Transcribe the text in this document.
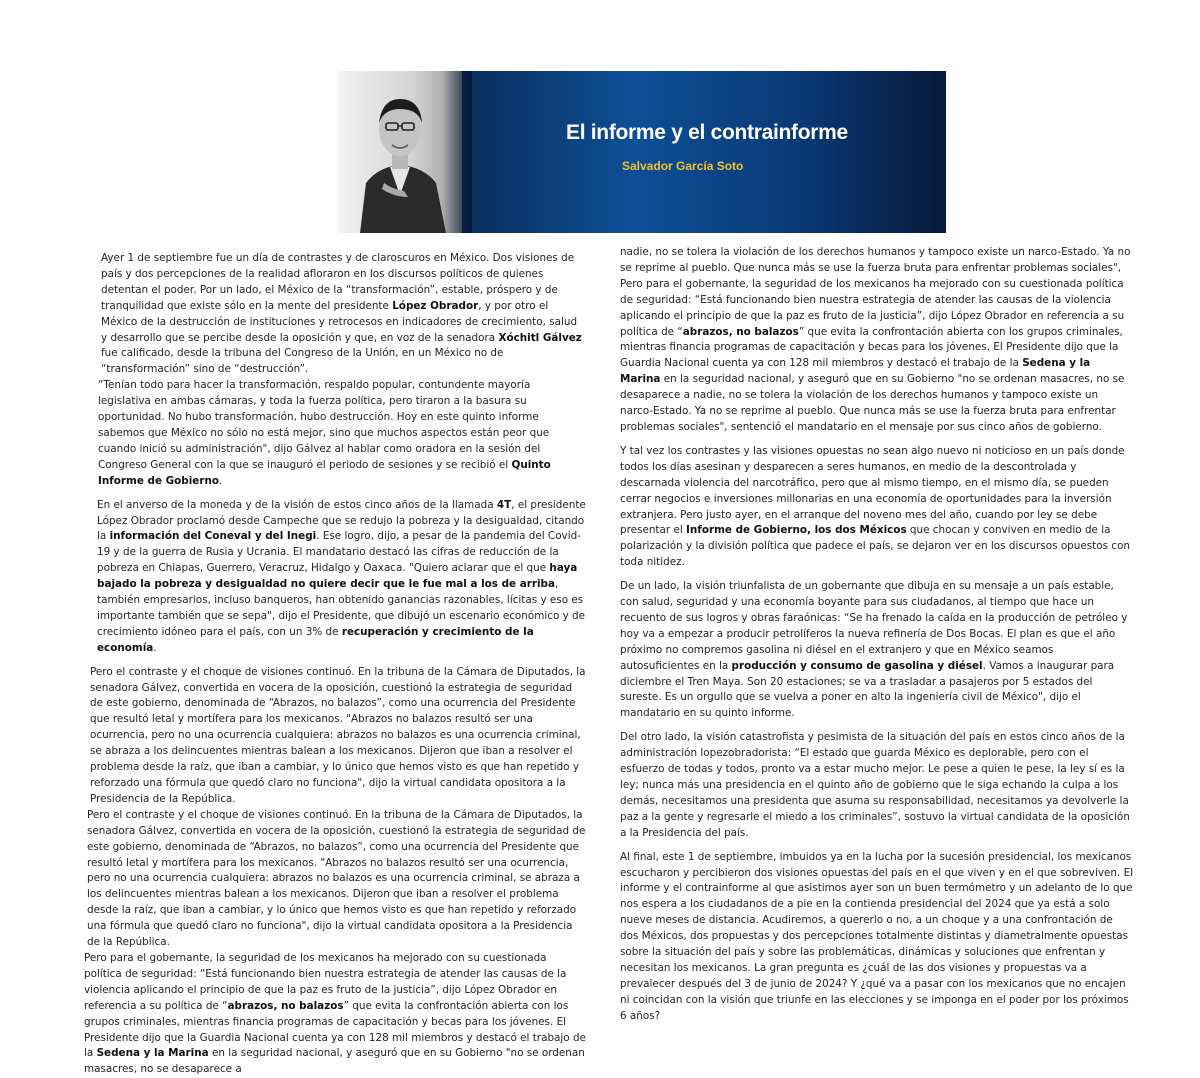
El informe y el contrainforme
Salvador García Soto

Ayer 1 de septiembre fue un día de contrastes y de claroscuros en México. Dos visiones de país y dos percepciones de la realidad afloraron en los discursos políticos de quienes detentan el poder. Por un lado, el México de la “transformación”, estable, próspero y de tranquilidad que existe sólo en la mente del presidente López Obrador, y por otro el México de la destrucción de instituciones y retrocesos en indicadores de crecimiento, salud y desarrollo que se percibe desde la oposición y que, en voz de la senadora Xóchitl Gálvez fue calificado, desde la tribuna del Congreso de la Unión, en un México no de “transformación” sino de “destrucción”.

“Tenían todo para hacer la transformación, respaldo popular, contundente mayoría legislativa en ambas cámaras, y toda la fuerza política, pero tiraron a la basura su oportunidad. No hubo transformación, hubo destrucción. Hoy en este quinto informe sabemos que México no sólo no está mejor, sino que muchos aspectos están peor que cuando inició su administración", dijo Gálvez al hablar como oradora en la sesión del Congreso General con la que se inauguró el periodo de sesiones y se recibió el Quinto Informe de Gobierno.

En el anverso de la moneda y de la visión de estos cinco años de la llamada 4T, el presidente López Obrador proclamó desde Campeche que se redujo la pobreza y la desigualdad, citando la información del Coneval y del Inegi. Ese logro, dijo, a pesar de la pandemia del Covid-19 y de la guerra de Rusia y Ucrania. El mandatario destacó las cifras de reducción de la pobreza en Chiapas, Guerrero, Veracruz, Hidalgo y Oaxaca. "Quiero aclarar que el que haya bajado la pobreza y desigualdad no quiere decir que le fue mal a los de arriba, también empresarios, incluso banqueros, han obtenido ganancias razonables, lícitas y eso es importante también que se sepa", dijo el Presidente, que dibujó un escenario económico y de crecimiento idóneo para el país, con un 3% de recuperación y crecimiento de la economía.

Pero el contraste y el choque de visiones continuó. En la tribuna de la Cámara de Diputados, la senadora Gálvez, convertida en vocera de la oposición, cuestionó la estrategia de seguridad de este gobierno, denominada de “Abrazos, no balazos”, como una ocurrencia del Presidente que resultó letal y mortífera para los mexicanos. "Abrazos no balazos resultó ser una ocurrencia, pero no una ocurrencia cualquiera: abrazos no balazos es una ocurrencia criminal, se abraza a los delincuentes mientras balean a los mexicanos. Dijeron que iban a resolver el problema desde la raíz, que iban a cambiar, y lo único que hemos visto es que han repetido y reforzado una fórmula que quedó claro no funciona", dijo la virtual candidata opositora a la Presidencia de la República.

Pero el contraste y el choque de visiones continuó. En la tribuna de la Cámara de Diputados, la senadora Gálvez, convertida en vocera de la oposición, cuestionó la estrategia de seguridad de este gobierno, denominada de “Abrazos, no balazos”, como una ocurrencia del Presidente que resultó letal y mortífera para los mexicanos. "Abrazos no balazos resultó ser una ocurrencia, pero no una ocurrencia cualquiera: abrazos no balazos es una ocurrencia criminal, se abraza a los delincuentes mientras balean a los mexicanos. Dijeron que iban a resolver el problema desde la raíz, que iban a cambiar, y lo único que hemos visto es que han repetido y reforzado una fórmula que quedó claro no funciona", dijo la virtual candidata opositora a la Presidencia de la República.

Pero para el gobernante, la seguridad de los mexicanos ha mejorado con su cuestionada política de seguridad: “Está funcionando bien nuestra estrategia de atender las causas de la violencia aplicando el principio de que la paz es fruto de la justicia”, dijo López Obrador en referencia a su política de “abrazos, no balazos” que evita la confrontación abierta con los grupos criminales, mientras financia programas de capacitación y becas para los jóvenes. El Presidente dijo que la Guardia Nacional cuenta ya con 128 mil miembros y destacó el trabajo de la Sedena y la Marina en la seguridad nacional, y aseguró que en su Gobierno "no se ordenan masacres, no se desaparece a

nadie, no se tolera la violación de los derechos humanos y tampoco existe un narco-Estado. Ya no se reprime al pueblo. Que nunca más se use la fuerza bruta para enfrentar problemas sociales",

Pero para el gobernante, la seguridad de los mexicanos ha mejorado con su cuestionada política de seguridad: “Está funcionando bien nuestra estrategia de atender las causas de la violencia aplicando el principio de que la paz es fruto de la justicia”, dijo López Obrador en referencia a su política de “abrazos, no balazos” que evita la confrontación abierta con los grupos criminales, mientras financia programas de capacitación y becas para los jóvenes. El Presidente dijo que la Guardia Nacional cuenta ya con 128 mil miembros y destacó el trabajo de la Sedena y la Marina en la seguridad nacional, y aseguró que en su Gobierno "no se ordenan masacres, no se desaparece a nadie, no se tolera la violación de los derechos humanos y tampoco existe un narco-Estado. Ya no se reprime al pueblo. Que nunca más se use la fuerza bruta para enfrentar problemas sociales", sentenció el mandatario en el mensaje por sus cinco años de gobierno.

Y tal vez los contrastes y las visiones opuestas no sean algo nuevo ni noticioso en un país donde todos los días asesinan y desparecen a seres humanos, en medio de la descontrolada y descarnada violencia del narcotráfico, pero que al mismo tiempo, en el mismo día, se pueden cerrar negocios e inversiones millonarias en una economía de oportunidades para la inversión extranjera. Pero justo ayer, en el arranque del noveno mes del año, cuando por ley se debe presentar el Informe de Gobierno, los dos Méxicos que chocan y conviven en medio de la polarización y la división política que padece el país, se dejaron ver en los discursos opuestos con toda nitidez.

De un lado, la visión triunfalista de un gobernante que dibuja en su mensaje a un país estable, con salud, seguridad y una economía boyante para sus ciudadanos, al tiempo que hace un recuento de sus logros y obras faraónicas: “Se ha frenado la caída en la producción de petróleo y hoy va a empezar a producir petrolíferos la nueva refinería de Dos Bocas. El plan es que el año próximo no compremos gasolina ni diésel en el extranjero y que en México seamos autosuficientes en la producción y consumo de gasolina y diésel. Vamos a inaugurar para diciembre el Tren Maya. Son 20 estaciones; se va a trasladar a pasajeros por 5 estados del sureste. Es un orgullo que se vuelva a poner en alto la ingeniería civil de México", dijo el mandatario en su quinto informe.

Del otro lado, la visión catastrofista y pesimista de la situación del país en estos cinco años de la administración lopezobradorista: “El estado que guarda México es deplorable, pero con el esfuerzo de todas y todos, pronto va a estar mucho mejor. Le pese a quien le pese, la ley sí es la ley; nunca más una presidencia en el quinto año de gobierno que le siga echando la culpa a los demás, necesitamos una presidenta que asuma su responsabilidad, necesitamos ya devolverle la paz a la gente y regresarle el miedo a los criminales”, sostuvo la virtual candidata de la oposición a la Presidencia del país.

Al final, este 1 de septiembre, imbuidos ya en la lucha por la sucesión presidencial, los mexicanos escucharon y percibieron dos visiones opuestas del país en el que viven y en el que sobreviven. El informe y el contrainforme al que asistimos ayer son un buen termómetro y un adelanto de lo que nos espera a los ciudadanos de a pie en la contienda presidencial del 2024 que ya está a solo nueve meses de distancia. Acudiremos, a quererlo o no, a un choque y a una confrontación de dos Méxicos, dos propuestas y dos percepciones totalmente distintas y diametralmente opuestas sobre la situación del país y sobre las problemáticas, dinámicas y soluciones que enfrentan y necesitan los mexicanos. La gran pregunta es ¿cuál de las dos visiones y propuestas va a prevalecer después del 3 de junio de 2024? Y ¿qué va a pasar con los mexicanos que no encajen ni coincidan con la visión que triunfe en las elecciones y se imponga en el poder por los próximos 6 años?
